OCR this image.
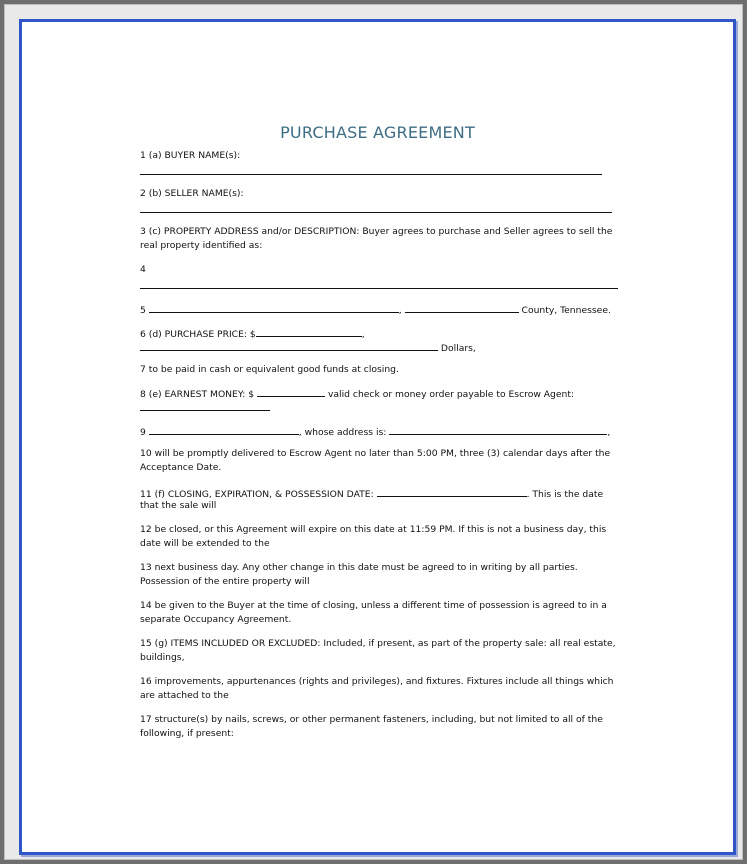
PURCHASE AGREEMENT
1 (a) BUYER NAME(s):
2 (b) SELLER NAME(s):
3 (c) PROPERTY ADDRESS and/or DESCRIPTION: Buyer agrees to purchase and Seller agrees to sell the
real property identified as:
4
5	,	County, Tennessee.
6 (d) PURCHASE PRICE: $	,
Dollars,
7 to be paid in cash or equivalent good funds at closing.
8 (e) EARNEST MONEY: $	valid check or money order payable to Escrow Agent:
9	, whose address is:	,
10 will be promptly delivered to Escrow Agent no later than 5:00 PM, three (3) calendar days after the
Acceptance Date.
11 (f) CLOSING, EXPIRATION, & POSSESSION DATE:	. This is the date
that the sale will
12 be closed, or this Agreement will expire on this date at 11:59 PM. If this is not a business day, this
date will be extended to the
13 next business day. Any other change in this date must be agreed to in writing by all parties.
Possession of the entire property will
14 be given to the Buyer at the time of closing, unless a different time of possession is agreed to in a
separate Occupancy Agreement.
15 (g) ITEMS INCLUDED OR EXCLUDED: Included, if present, as part of the property sale: all real estate,
buildings,
16 improvements, appurtenances (rights and privileges), and fixtures. Fixtures include all things which
are attached to the
17 structure(s) by nails, screws, or other permanent fasteners, including, but not limited to all of the
following, if present:
